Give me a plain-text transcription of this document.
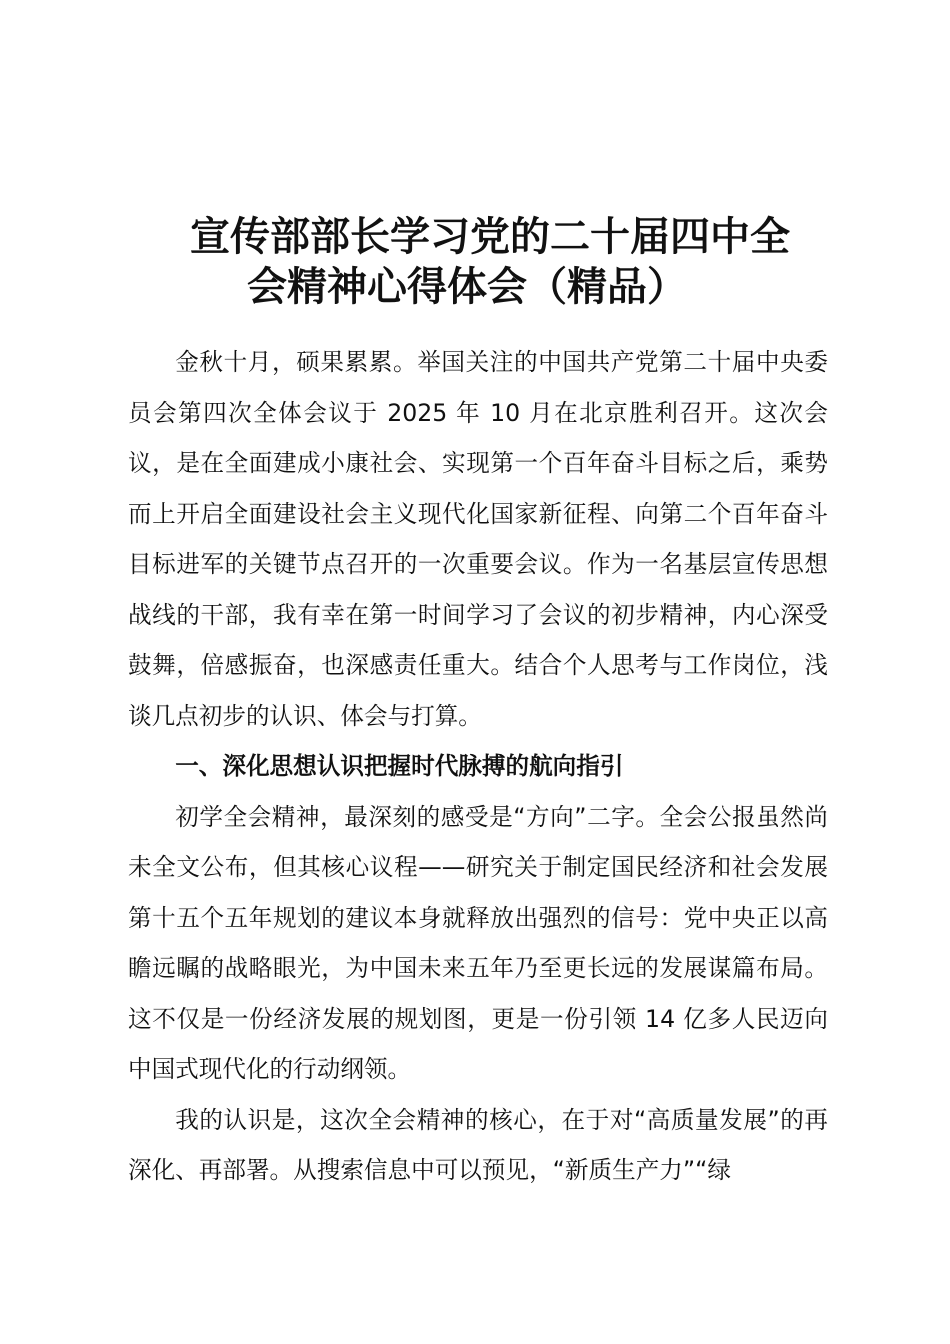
宣传部部长学习党的二十届四中全
会精神心得体会（精品）

金秋十月，硕果累累。举国关注的中国共产党第二十届中央委员会第四次全体会议于 2025 年 10 月在北京胜利召开。这次会议，是在全面建成小康社会、实现第一个百年奋斗目标之后，乘势而上开启全面建设社会主义现代化国家新征程、向第二个百年奋斗目标进军的关键节点召开的一次重要会议。作为一名基层宣传思想战线的干部，我有幸在第一时间学习了会议的初步精神，内心深受鼓舞，倍感振奋，也深感责任重大。结合个人思考与工作岗位，浅谈几点初步的认识、体会与打算。

一、深化思想认识把握时代脉搏的航向指引

初学全会精神，最深刻的感受是“方向”二字。全会公报虽然尚未全文公布，但其核心议程——研究关于制定国民经济和社会发展第十五个五年规划的建议本身就释放出强烈的信号：党中央正以高瞻远瞩的战略眼光，为中国未来五年乃至更长远的发展谋篇布局。这不仅是一份经济发展的规划图，更是一份引领 14 亿多人民迈向中国式现代化的行动纲领。

我的认识是，这次全会精神的核心，在于对“高质量发展”的再深化、再部署。从搜索信息中可以预见，“新质生产力”“绿
